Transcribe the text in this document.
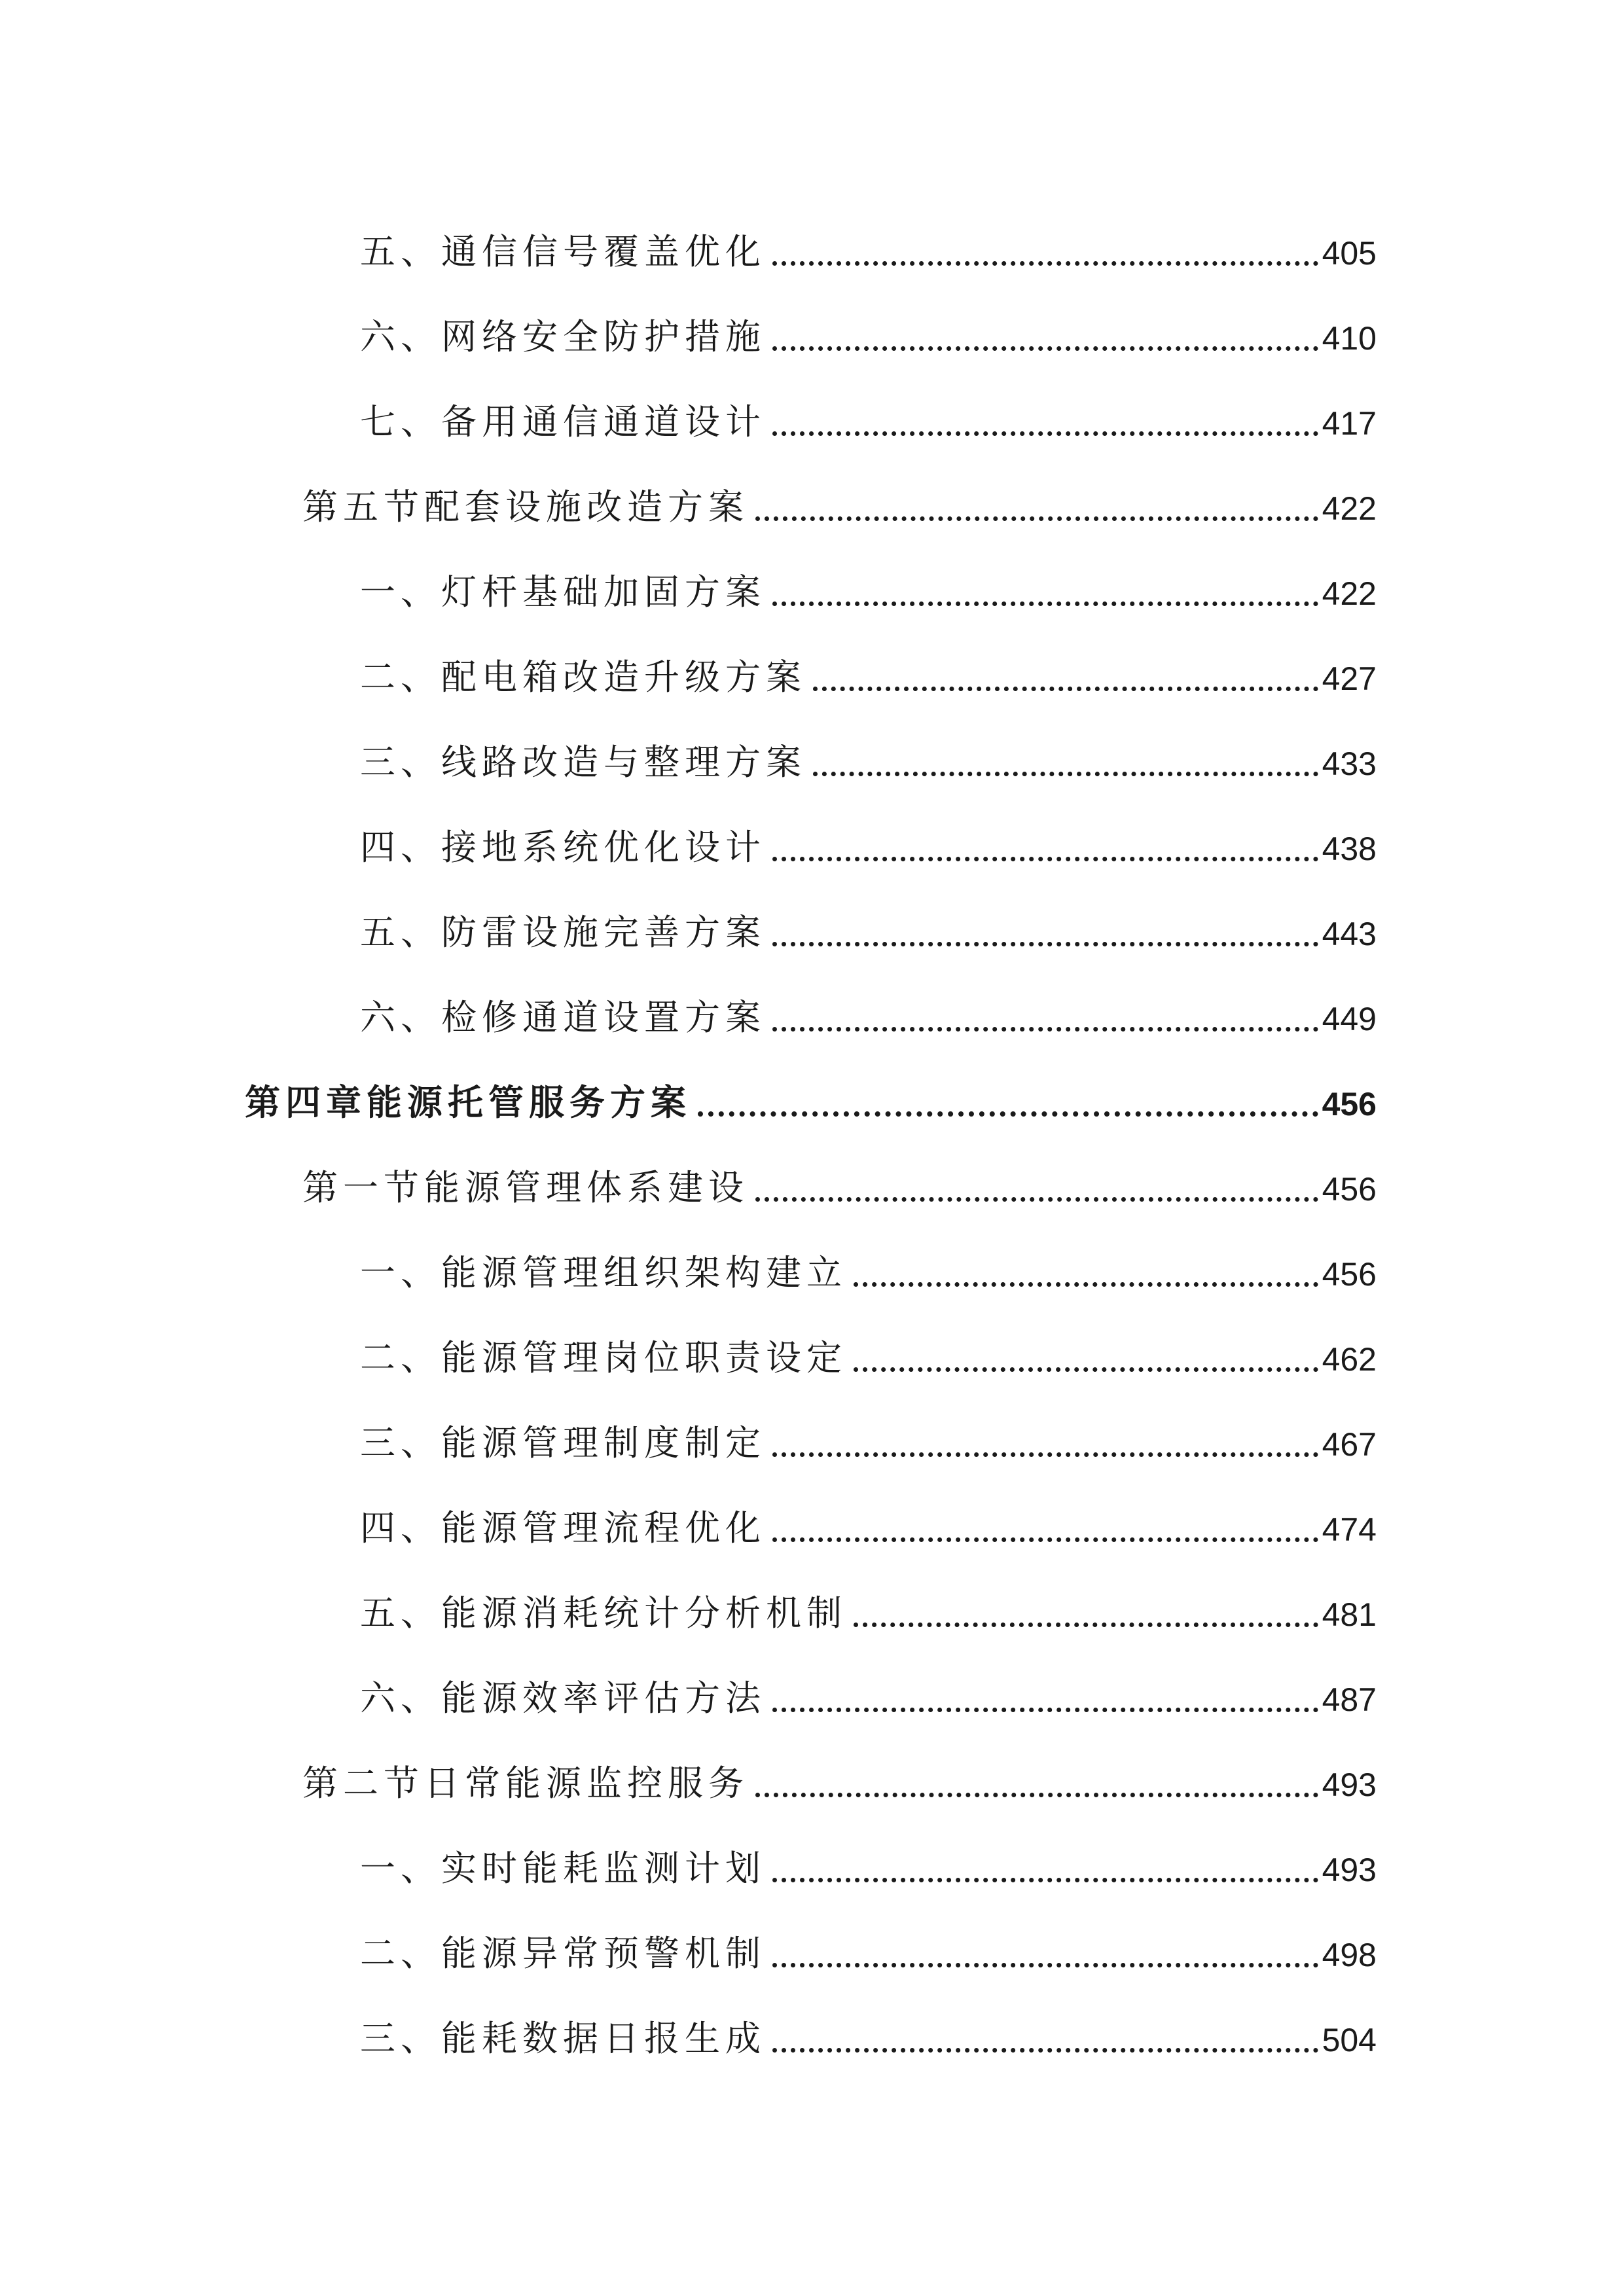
五、通信信号覆盖优化	405
六、网络安全防护措施	410
七、备用通信通道设计	417
第五节配套设施改造方案	422
一、灯杆基础加固方案	422
二、配电箱改造升级方案	427
三、线路改造与整理方案	433
四、接地系统优化设计	438
五、防雷设施完善方案	443
六、检修通道设置方案	449
第四章能源托管服务方案	456
第一节能源管理体系建设	456
一、能源管理组织架构建立	456
二、能源管理岗位职责设定	462
三、能源管理制度制定	467
四、能源管理流程优化	474
五、能源消耗统计分析机制	481
六、能源效率评估方法	487
第二节日常能源监控服务	493
一、实时能耗监测计划	493
二、能源异常预警机制	498
三、能耗数据日报生成	504
